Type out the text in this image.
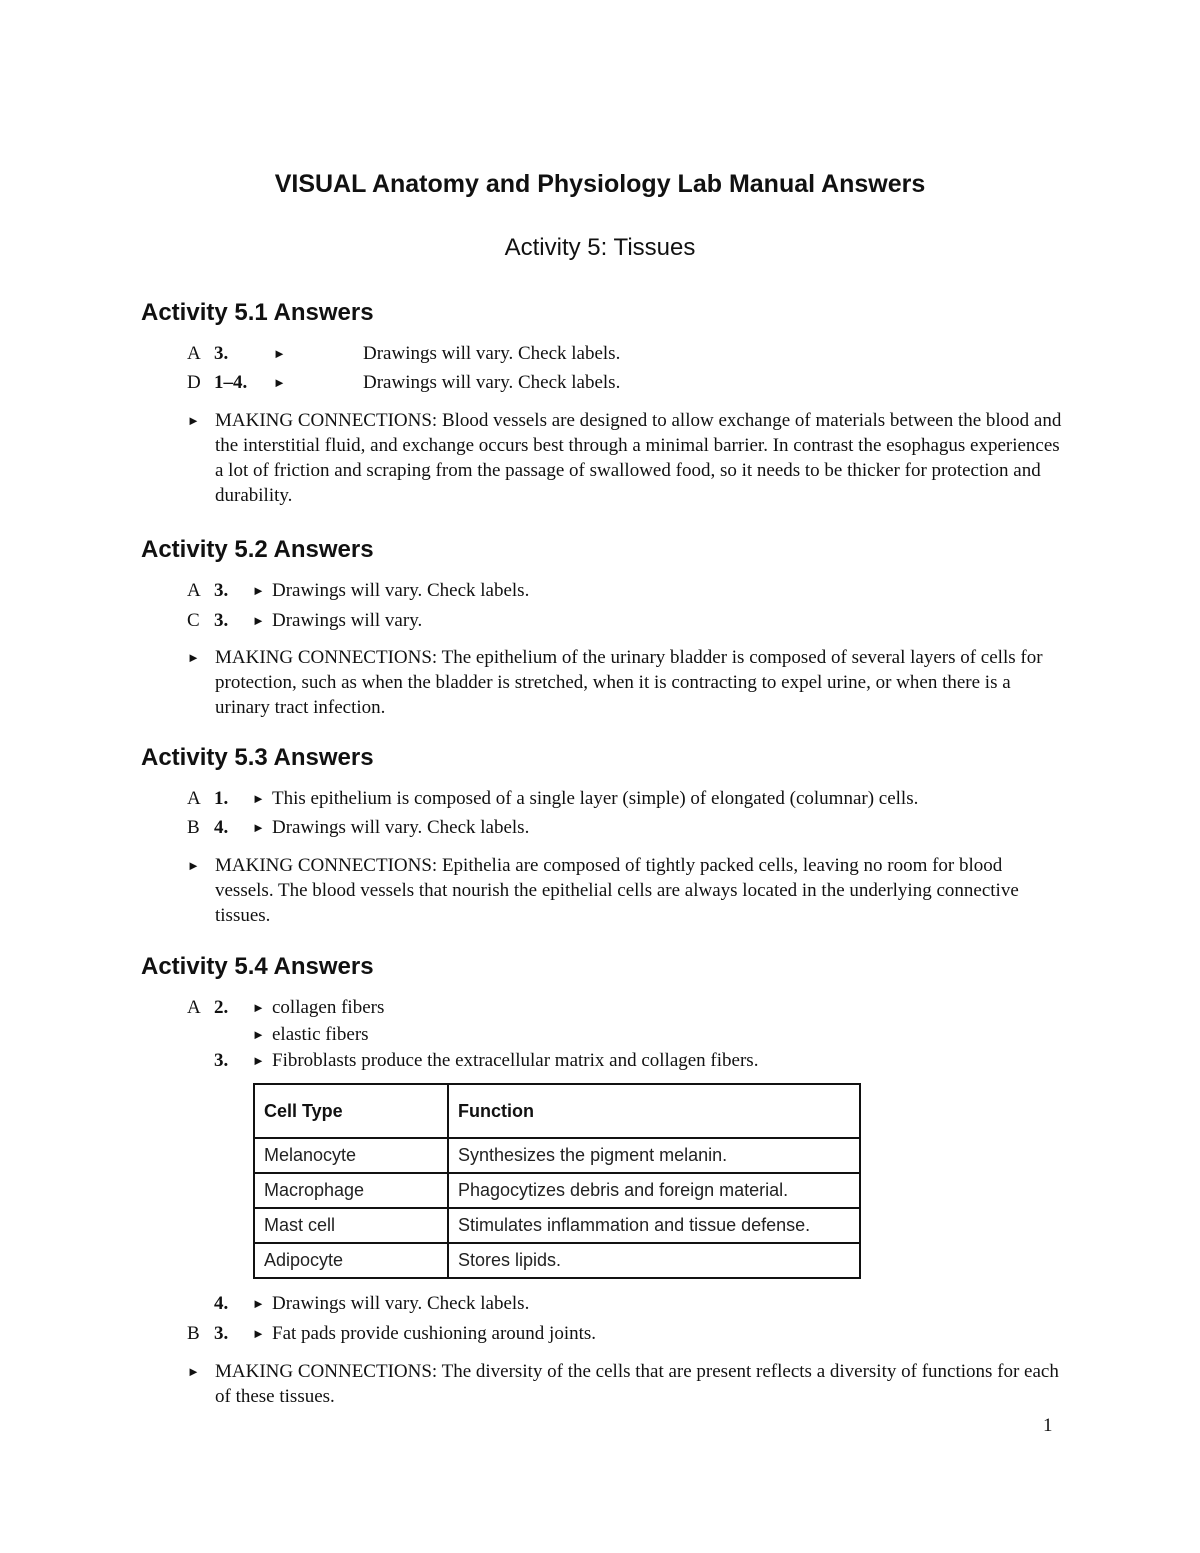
VISUAL Anatomy and Physiology Lab Manual Answers
Activity 5: Tissues
Activity 5.1 Answers
A 3.	►	Drawings will vary. Check labels.
D 1–4. ►	Drawings will vary. Check labels.
► MAKING CONNECTIONS: Blood vessels are designed to allow exchange of materials between the blood and the interstitial fluid, and exchange occurs best through a minimal barrier. In contrast the esophagus experiences a lot of friction and scraping from the passage of swallowed food, so it needs to be thicker for protection and durability.
Activity 5.2 Answers
A 3. ► Drawings will vary. Check labels.
C 3. ► Drawings will vary.
► MAKING CONNECTIONS: The epithelium of the urinary bladder is composed of several layers of cells for protection, such as when the bladder is stretched, when it is contracting to expel urine, or when there is a urinary tract infection.
Activity 5.3 Answers
A 1. ► This epithelium is composed of a single layer (simple) of elongated (columnar) cells.
B 4. ► Drawings will vary. Check labels.
► MAKING CONNECTIONS: Epithelia are composed of tightly packed cells, leaving no room for blood vessels. The blood vessels that nourish the epithelial cells are always located in the underlying connective tissues.
Activity 5.4 Answers
A 2. ► collagen fibers
► elastic fibers
3. ► Fibroblasts produce the extracellular matrix and collagen fibers.
Cell Type	Function
Melanocyte	Synthesizes the pigment melanin.
Macrophage	Phagocytizes debris and foreign material.
Mast cell	Stimulates inflammation and tissue defense.
Adipocyte	Stores lipids.
4. ► Drawings will vary. Check labels.
B 3. ► Fat pads provide cushioning around joints.
► MAKING CONNECTIONS: The diversity of the cells that are present reflects a diversity of functions for each of these tissues.
1
